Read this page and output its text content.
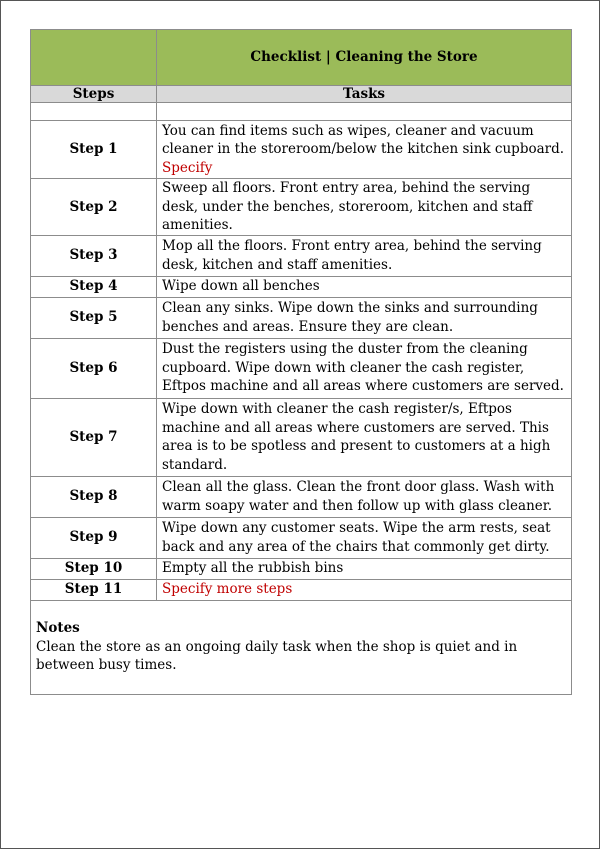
	Checklist | Cleaning the Store
Steps	Tasks

Step 1	You can find items such as wipes, cleaner and vacuum cleaner in the storeroom/below the kitchen sink cupboard. Specify
Step 2	Sweep all floors. Front entry area, behind the serving desk, under the benches, storeroom, kitchen and staff amenities.
Step 3	Mop all the floors. Front entry area, behind the serving desk, kitchen and staff amenities.
Step 4	Wipe down all benches
Step 5	Clean any sinks. Wipe down the sinks and surrounding benches and areas. Ensure they are clean.
Step 6	Dust the registers using the duster from the cleaning cupboard. Wipe down with cleaner the cash register, Eftpos machine and all areas where customers are served.
Step 7	Wipe down with cleaner the cash register/s, Eftpos machine and all areas where customers are served. This area is to be spotless and present to customers at a high standard.
Step 8	Clean all the glass. Clean the front door glass. Wash with warm soapy water and then follow up with glass cleaner.
Step 9	Wipe down any customer seats. Wipe the arm rests, seat back and any area of the chairs that commonly get dirty.
Step 10	Empty all the rubbish bins
Step 11	Specify more steps

Notes
Clean the store as an ongoing daily task when the shop is quiet and in between busy times.	
